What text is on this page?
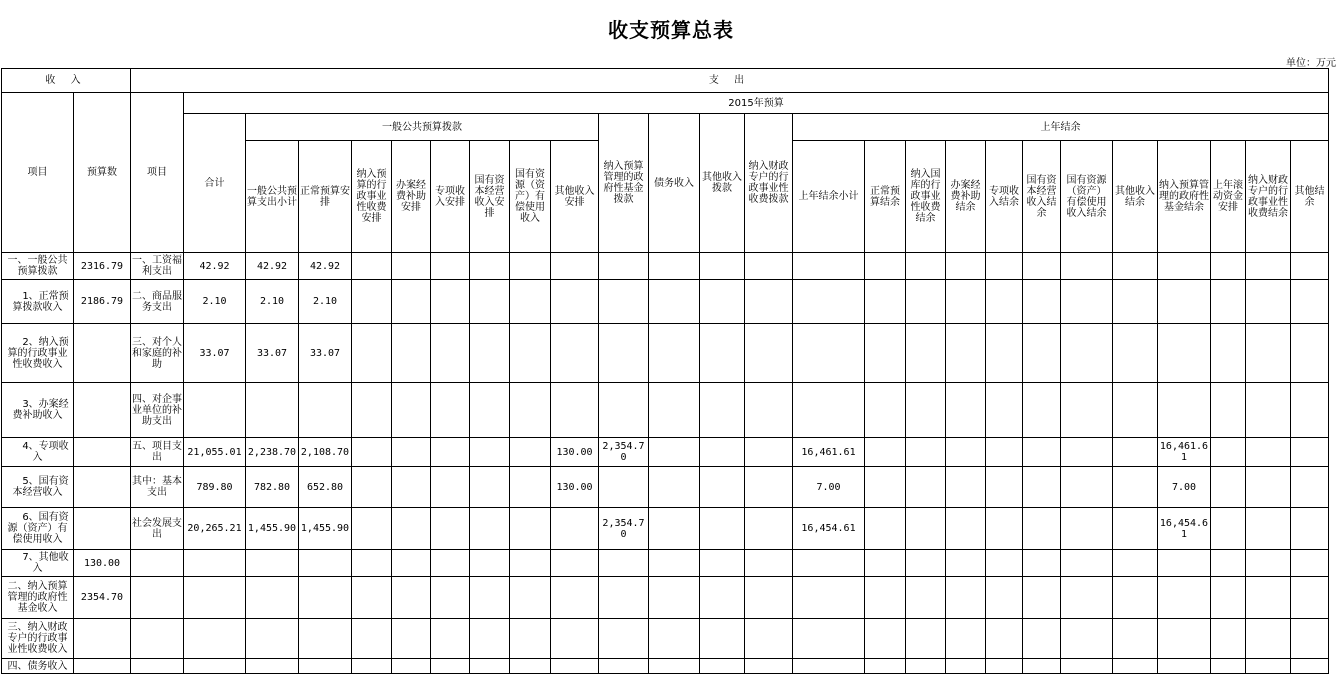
收支预算总表
单位：万元
收 入		支 出																									
项目	预算数	项目	2015年预算																								
			合计	一般公共预算拨款								纳入预算管理的政府性基金拨款	债务收入	其他收入拨款	纳入财政专户的行政事业性收费拨款	上年结余											
				一般公共预算支出小计	正常预算安排	纳入预算的行政事业性收费安排	办案经费补助安排	专项收入安排	国有资本经营收入安排	国有资源（资产）有偿使用收入	其他收入安排					上年结余小计	正常预算结余	纳入国库的行政事业性收费结余	办案经费补助结余	专项收入结余	国有资本经营收入结余	国有资源（资产）有偿使用收入结余	其他收入结余	纳入预算管理的政府性基金结余	上年滚动资金安排	纳入财政专户的行政事业性收费结余	其他结余

一、一般公共预算拨款	2316.79	一、工资福利支出	42.92	42.92	42.92																						
1、正常预算拨款收入	2186.79	二、商品服务支出	2.10	2.10	2.10																						
2、纳入预算的行政事业性收费收入		三、对个人和家庭的补助	33.07	33.07	33.07																						
3、办案经费补助收入		四、对企事业单位的补助支出																									
4、专项收入		五、项目支出	21,055.01	2,238.70	2,108.70						130.00	2,354.70				16,461.61								16,461.61			
5、国有资本经营收入		其中：基本支出	789.80	782.80	652.80						130.00					7.00								7.00			
6、国有资源（资产）有偿使用收入		社会发展支出	20,265.21	1,455.90	1,455.90							2,354.70				16,454.61								16,454.61			
7、其他收入	130.00																										
二、纳入预算管理的政府性基金收入	2354.70																										
三、纳入财政专户的行政事业性收费收入																											
四、债务收入																											
